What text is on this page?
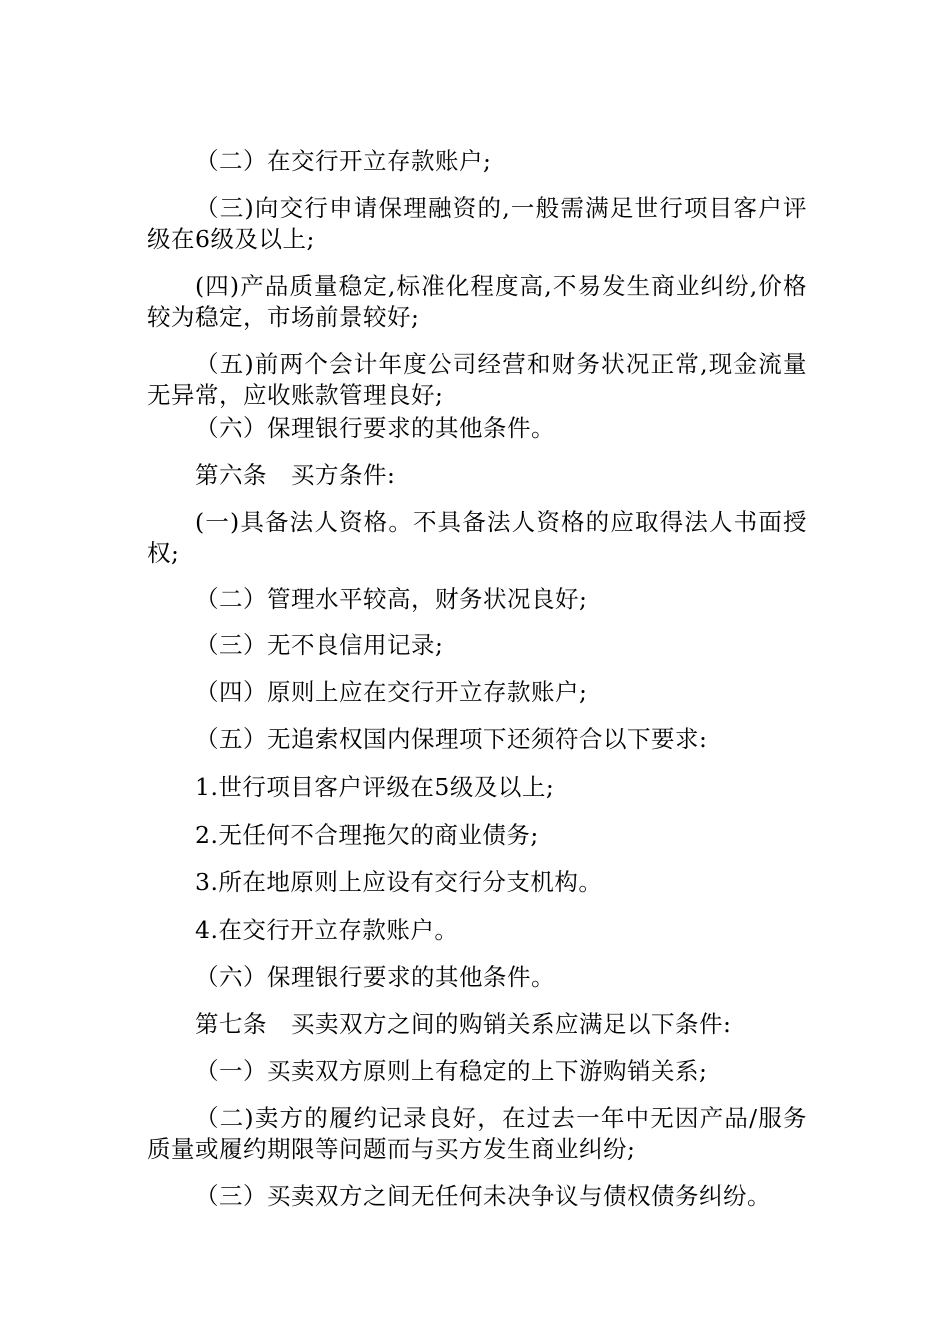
（二）在交行开立存款账户;

（三)向交行申请保理融资的,一般需满足世行项目客户评级在6级及以上;

(四)产品质量稳定,标准化程度高,不易发生商业纠纷,价格较为稳定，市场前景较好;

（五)前两个会计年度公司经营和财务状况正常,现金流量无异常，应收账款管理良好;

（六）保理银行要求的其他条件。

第六条　买方条件:

(一)具备法人资格。不具备法人资格的应取得法人书面授权;

（二）管理水平较高，财务状况良好;

（三）无不良信用记录;

（四）原则上应在交行开立存款账户;

（五）无追索权国内保理项下还须符合以下要求:

1.世行项目客户评级在5级及以上;

2.无任何不合理拖欠的商业债务;

3.所在地原则上应设有交行分支机构。

4.在交行开立存款账户。

（六）保理银行要求的其他条件。

第七条　买卖双方之间的购销关系应满足以下条件:

（一）买卖双方原则上有稳定的上下游购销关系;

（二)卖方的履约记录良好，在过去一年中无因产品/服务质量或履约期限等问题而与买方发生商业纠纷;

（三）买卖双方之间无任何未决争议与债权债务纠纷。
